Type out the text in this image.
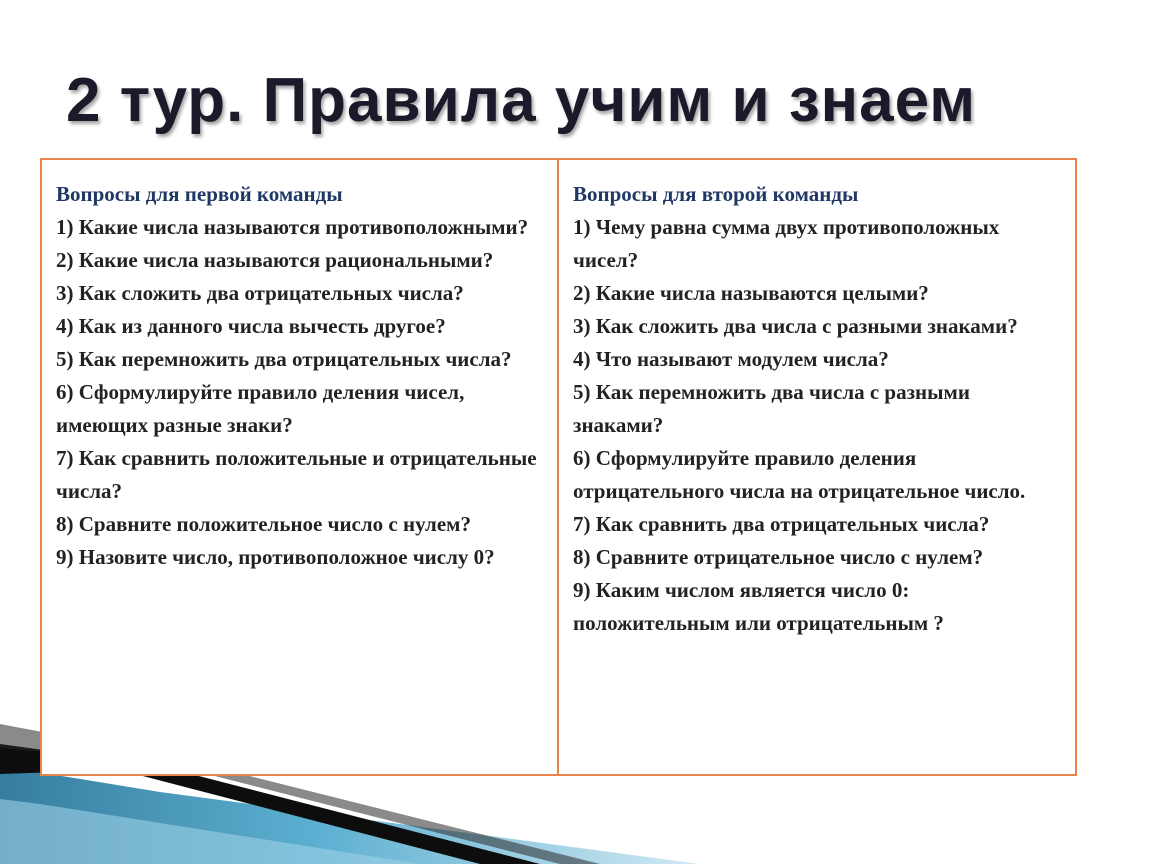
2 тур. Правила учим и знаем
Вопросы для первой команды
1) Какие числа называются противоположными?
2) Какие числа называются рациональными?
3) Как сложить два отрицательных числа?
4) Как из данного числа вычесть другое?
5) Как перемножить два отрицательных числа?
6) Сформулируйте правило деления чисел, имеющих разные знаки?
7) Как сравнить положительные и отрицательные числа?
8) Сравните положительное число с нулем?
9) Назовите число, противоположное числу 0?
Вопросы для второй команды
1) Чему равна сумма двух противоположных чисел?
2) Какие числа называются целыми?
3) Как сложить два числа с разными знаками?
4) Что называют модулем числа?
5) Как перемножить два числа с разными знаками?
6) Сформулируйте правило деления отрицательного числа на отрицательное число.
7) Как сравнить два отрицательных числа?
8) Сравните отрицательное число с нулем?
9) Каким числом является число 0: положительным или отрицательным ?
